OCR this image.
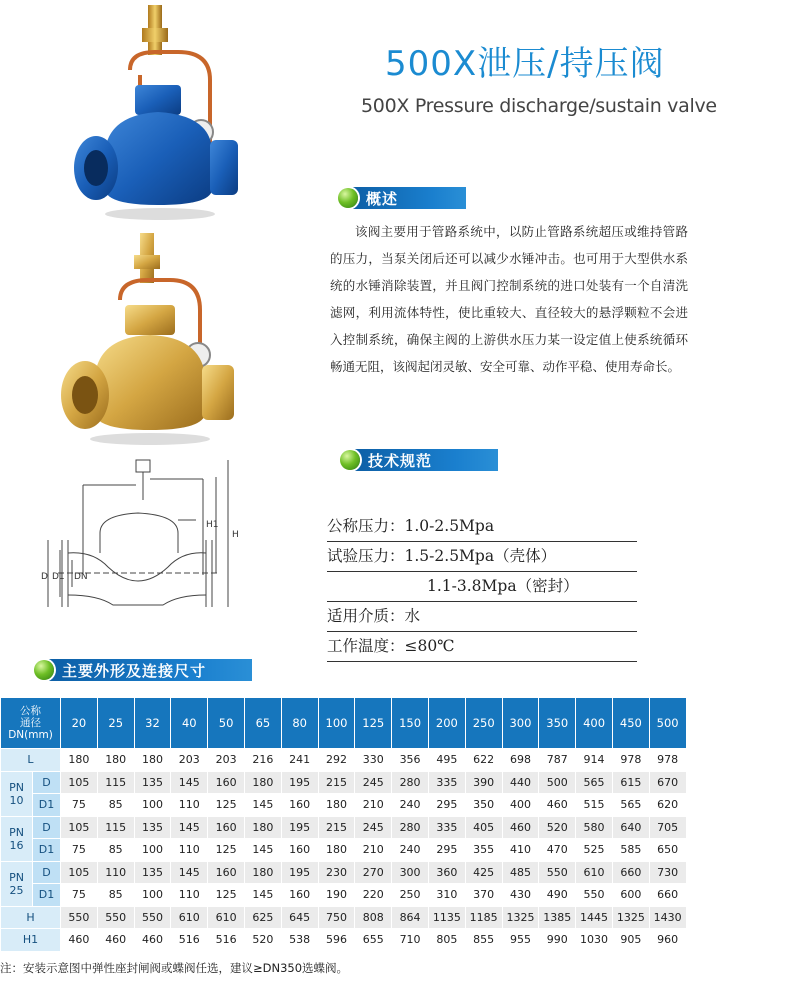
H
H1
D D1 DN
500X泄压/持压阀
500X Pressure discharge/sustain valve
概述

该阀主要用于管路系统中，以防止管路系统超压或维持管路的压力，当泵关闭后还可以减少水锤冲击。也可用于大型供水系统的水锤消除装置，并且阀门控制系统的进口处装有一个自清洗滤网，利用流体特性，使比重较大、直径较大的悬浮颗粒不会进入控制系统，确保主阀的上游供水压力某一设定值上使系统循环畅通无阻，该阀起闭灵敏、安全可靠、动作平稳、使用寿命长。

技术规范
公称压力：1.0-2.5Mpa
试验压力：1.5-2.5Mpa（壳体）
1.1-3.8Mpa（密封）
适用介质：水
工作温度：≤80℃
主要外形及连接尺寸
公称
通径
DN(mm)		20	25	32	40	50	65	80	100	125	150	200	250	300	350	400	450	500
L		180	180	180	203	203	216	241	292	330	356	495	622	698	787	914	978	978
PN
10	D	105	115	135	145	160	180	195	215	245	280	335	390	440	500	565	615	670
	D1	75	85	100	110	125	145	160	180	210	240	295	350	400	460	515	565	620
PN
16	D	105	115	135	145	160	180	195	215	245	280	335	405	460	520	580	640	705
	D1	75	85	100	110	125	145	160	180	210	240	295	355	410	470	525	585	650
PN
25	D	105	110	135	145	160	180	195	230	270	300	360	425	485	550	610	660	730
	D1	75	85	100	110	125	145	160	190	220	250	310	370	430	490	550	600	660
H		550	550	550	610	610	625	645	750	808	864	1135	1185	1325	1385	1445	1325	1430
H1		460	460	460	516	516	520	538	596	655	710	805	855	955	990	1030	905	960
注：安装示意图中弹性座封闸阀或蝶阀任选，建议≥DN350选蝶阀。
